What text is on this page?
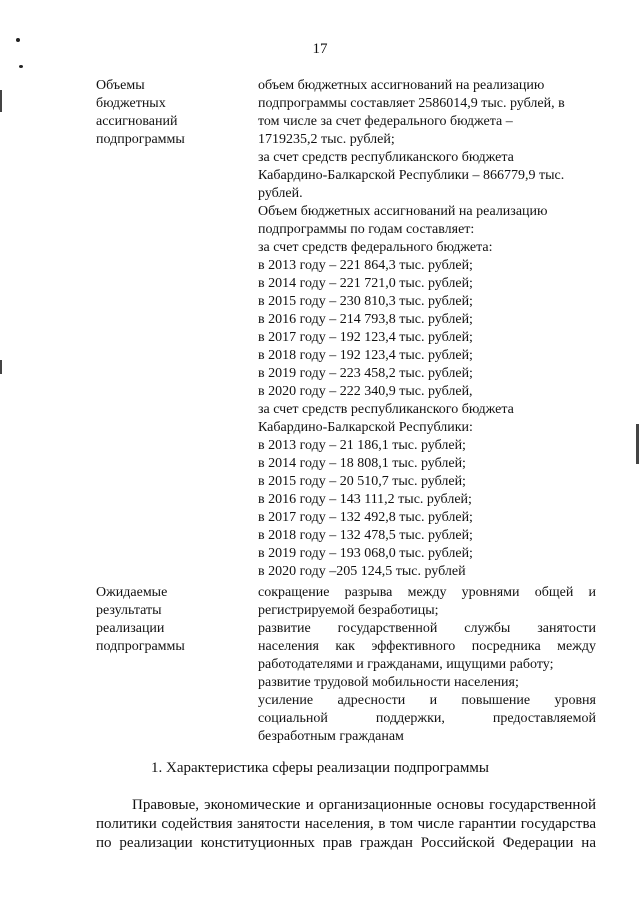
17
Объемы
бюджетных
ассигнований
подпрограммы
объем бюджетных ассигнований на реализацию
подпрограммы составляет 2586014,9 тыс. рублей, в
том числе за счет федерального бюджета –
1719235,2 тыс. рублей;
за счет средств республиканского бюджета
Кабардино-Балкарской Республики – 866779,9 тыс.
рублей.
Объем бюджетных ассигнований на реализацию
подпрограммы по годам составляет:
за счет средств федерального бюджета:
в 2013 году – 221 864,3 тыс. рублей;
в 2014 году – 221 721,0 тыс. рублей;
в 2015 году – 230 810,3 тыс. рублей;
в 2016 году – 214 793,8 тыс. рублей;
в 2017 году – 192 123,4 тыс. рублей;
в 2018 году – 192 123,4 тыс. рублей;
в 2019 году – 223 458,2 тыс. рублей;
в 2020 году – 222 340,9 тыс. рублей,
за счет средств республиканского бюджета
Кабардино-Балкарской Республики:
в 2013 году – 21 186,1 тыс. рублей;
в 2014 году – 18 808,1 тыс. рублей;
в 2015 году – 20 510,7 тыс. рублей;
в 2016 году – 143 111,2 тыс. рублей;
в 2017 году – 132 492,8 тыс. рублей;
в 2018 году – 132 478,5 тыс. рублей;
в 2019 году – 193 068,0 тыс. рублей;
в 2020 году –205 124,5 тыс. рублей
Ожидаемые
результаты
реализации
подпрограммы
сокращение разрыва между уровнями общей и
регистрируемой безработицы;
развитие государственной службы занятости
населения как эффективного посредника между
работодателями и гражданами, ищущими работу;
развитие трудовой мобильности населения;
усиление адресности и повышение уровня
социальной поддержки, предоставляемой
безработным гражданам
1. Характеристика сферы реализации подпрограммы
Правовые, экономические и организационные основы государственной
политики содействия занятости населения, в том числе гарантии государства
по реализации конституционных прав граждан Российской Федерации на
